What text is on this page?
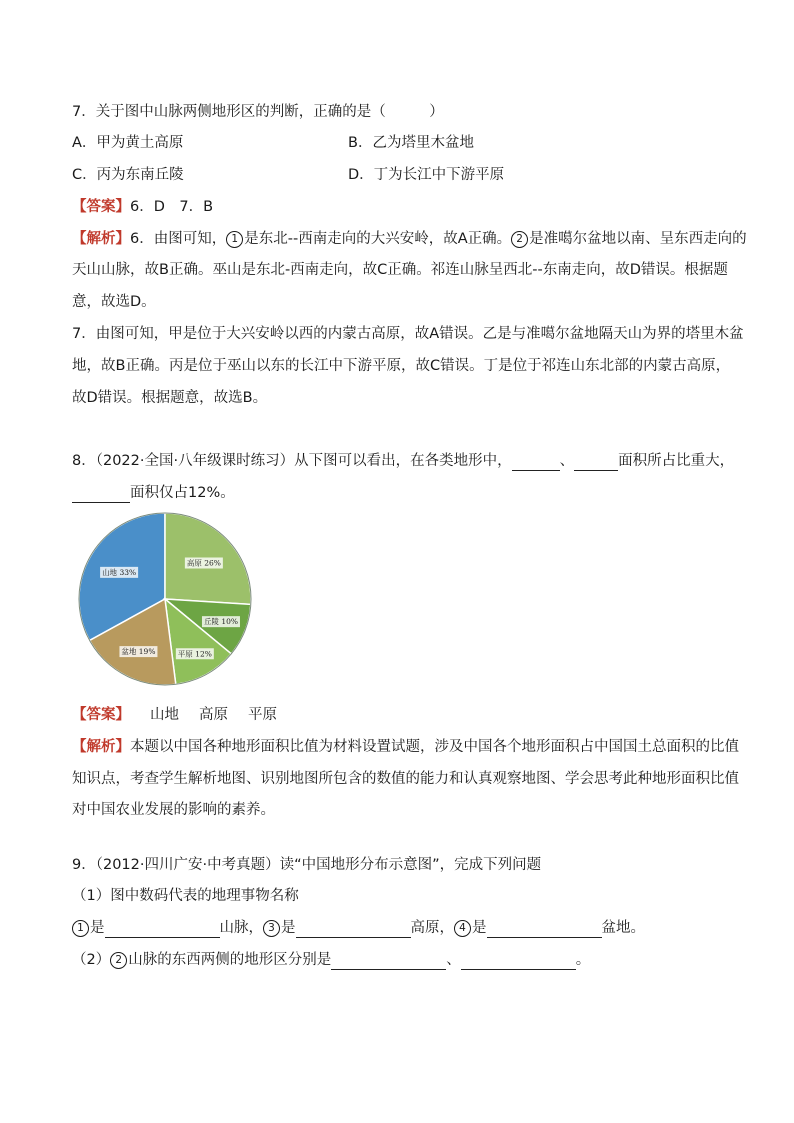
7．关于图中山脉两侧地形区的判断，正确的是（　　　）
A．甲为黄土高原	B．乙为塔里木盆地
C．丙为东南丘陵	D．丁为长江中下游平原
【答案】6．D　7．B
【解析】6．由图可知， 1 是东北--西南走向的大兴安岭，故A正确。 2 是准噶尔盆地以南、呈东西走向的
天山山脉，故B正确。巫山是东北-西南走向，故C正确。祁连山脉呈西北--东南走向，故D错误。根据题
意，故选D。
7．由图可知，甲是位于大兴安岭以西的内蒙古高原，故A错误。乙是与准噶尔盆地隔天山为界的塔里木盆
地，故B正确。丙是位于巫山以东的长江中下游平原，故C错误。丁是位于祁连山东北部的内蒙古高原，
故D错误。根据题意，故选B。
8．（2022·全国·八年级课时练习）从下图可以看出，在各类地形中，	、	面积所占比重大，
面积仅占12%。
山地 33%
高原 26%
丘陵 10%
平原 12%
盆地 19%
【答案】 山地 高原 平原
【解析】本题以中国各种地形面积比值为材料设置试题，涉及中国各个地形面积占中国国土总面积的比值
知识点，考查学生解析地图、识别地图所包含的数值的能力和认真观察地图、学会思考此种地形面积比值
对中国农业发展的影响的素养。
9．（2012·四川广安·中考真题）读“中国地形分布示意图”，完成下列问题
（1）图中数码代表的地理事物名称
1 是	山脉， 3 是	高原， 4 是	盆地。
（2） 2 山脉的东西两侧的地形区分别是	、	。
